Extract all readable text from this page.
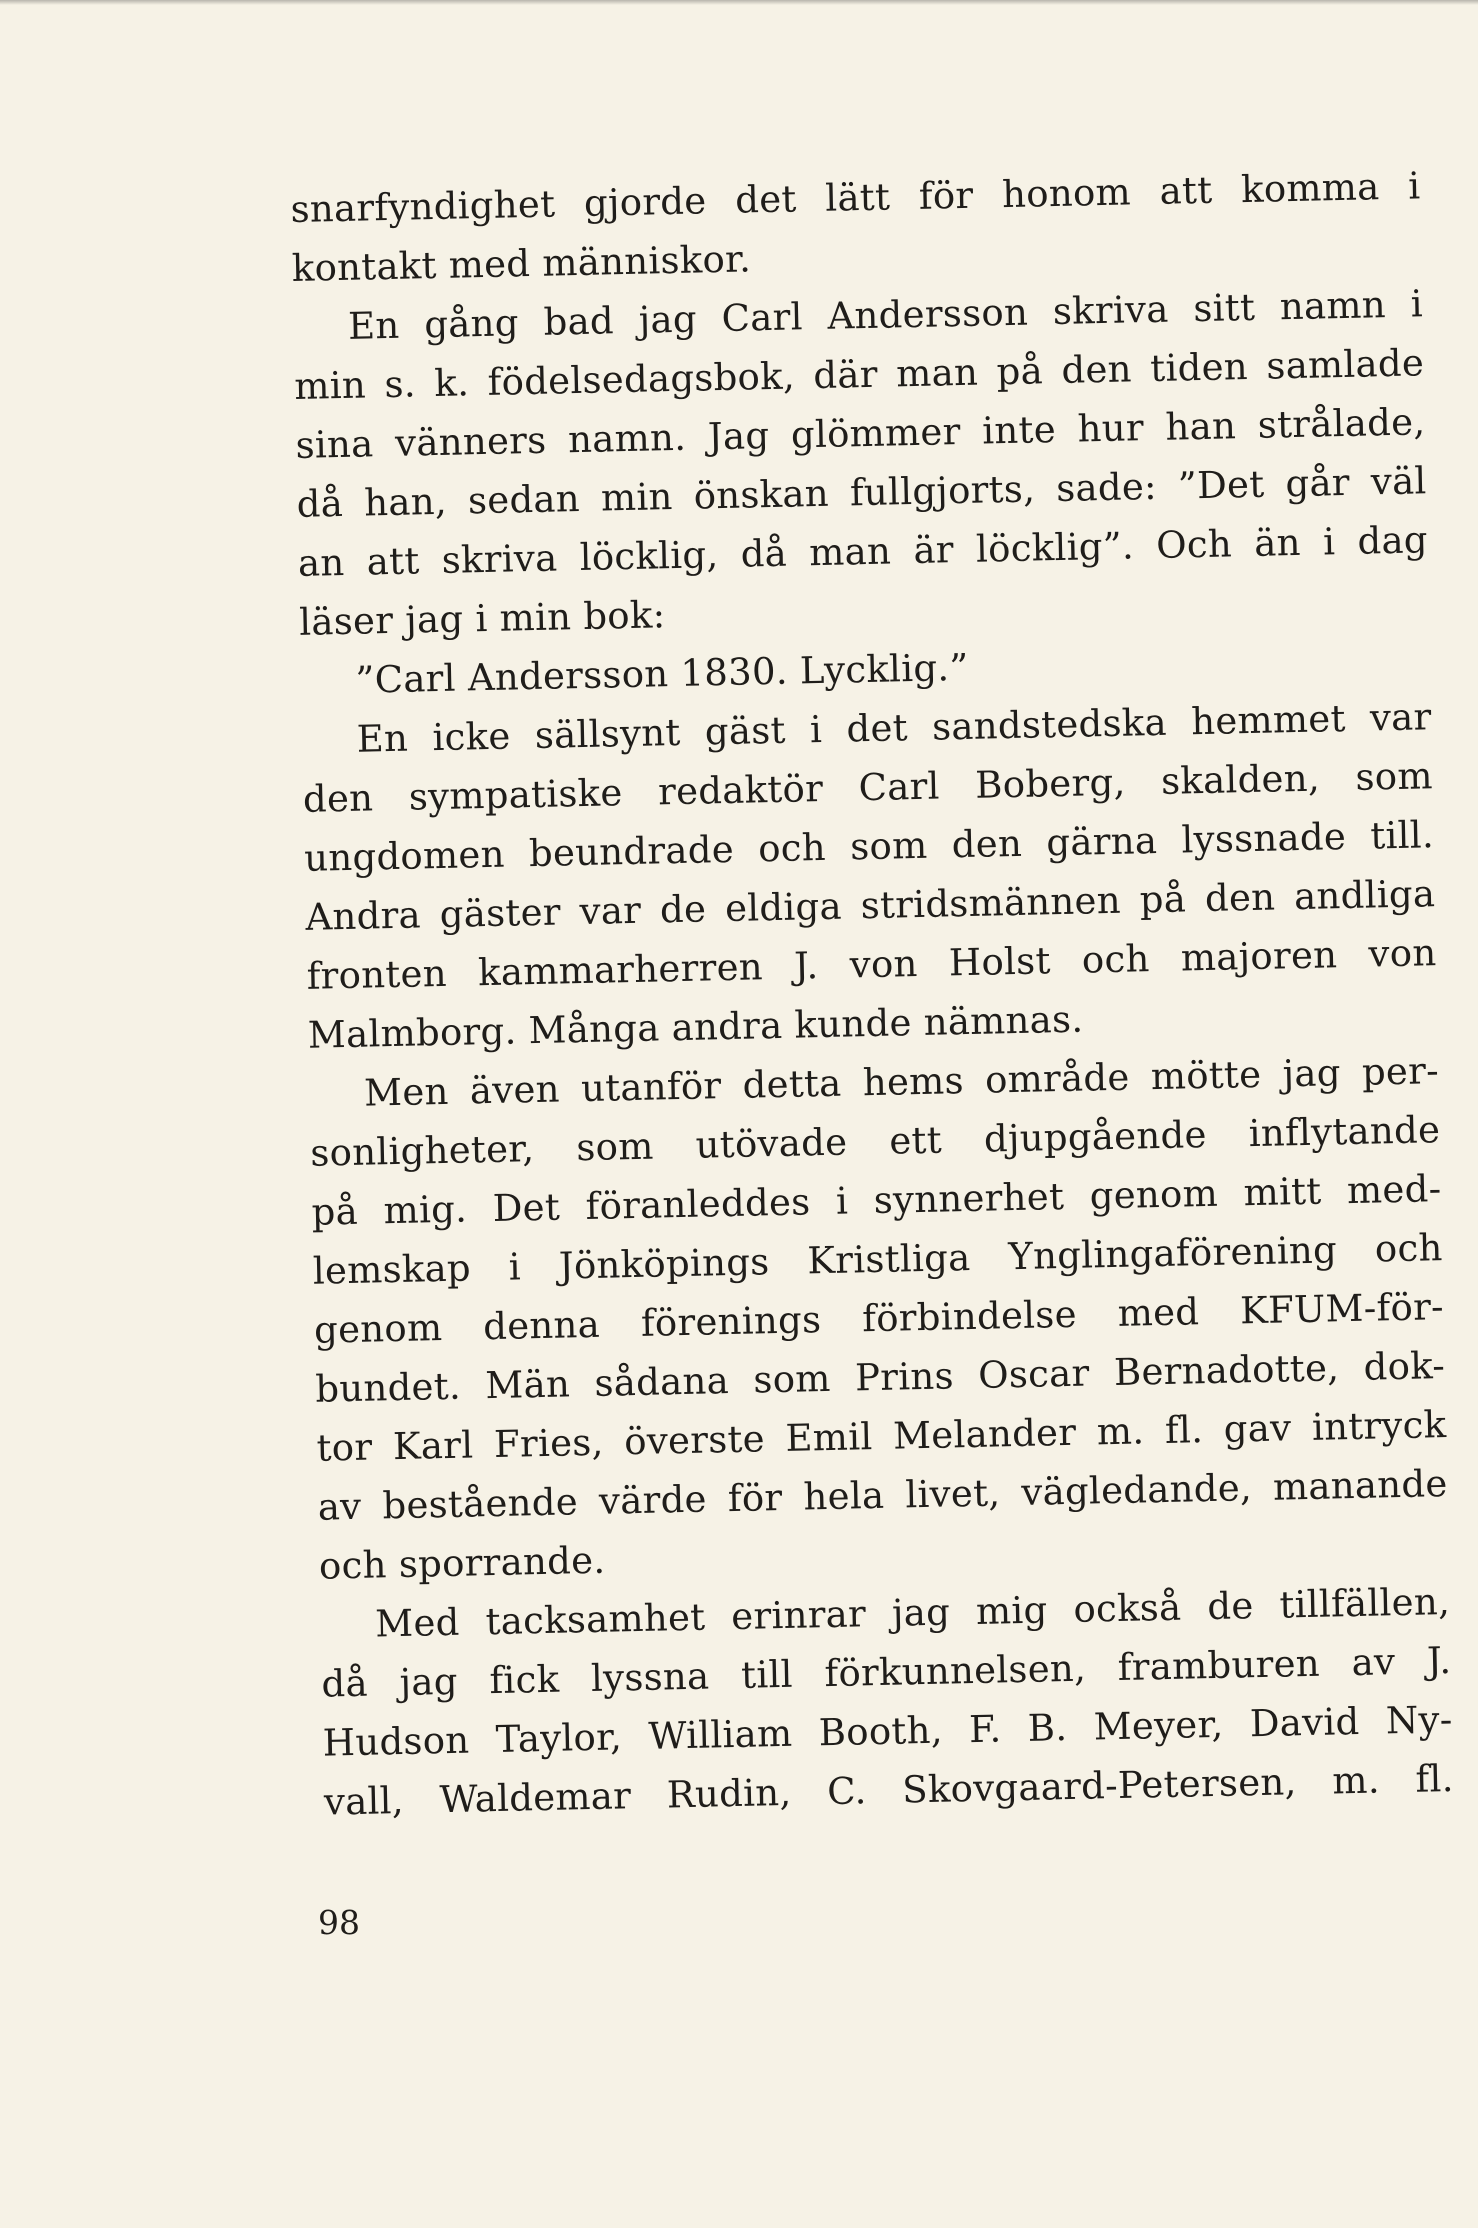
snarfyndighet gjorde det lätt för honom att komma i
kontakt med människor.
En gång bad jag Carl Andersson skriva sitt namn i
min s. k. födelsedagsbok, där man på den tiden samlade
sina vänners namn. Jag glömmer inte hur han strålade,
då han, sedan min önskan fullgjorts, sade: ”Det går väl
an att skriva löcklig, då man är löcklig”. Och än i dag
läser jag i min bok:
”Carl Andersson 1830. Lycklig.”
En icke sällsynt gäst i det sandstedska hemmet var
den sympatiske redaktör Carl Boberg, skalden, som
ungdomen beundrade och som den gärna lyssnade till.
Andra gäster var de eldiga stridsmännen på den andliga
fronten kammarherren J. von Holst och majoren von
Malmborg. Många andra kunde nämnas.
Men även utanför detta hems område mötte jag per-
sonligheter, som utövade ett djupgående inflytande
på mig. Det föranleddes i synnerhet genom mitt med-
lemskap i Jönköpings Kristliga Ynglingaförening och
genom denna förenings förbindelse med KFUM-för-
bundet. Män sådana som Prins Oscar Bernadotte, dok-
tor Karl Fries, överste Emil Melander m. fl. gav intryck
av bestående värde för hela livet, vägledande, manande
och sporrande.
Med tacksamhet erinrar jag mig också de tillfällen,
då jag fick lyssna till förkunnelsen, framburen av J.
Hudson Taylor, William Booth, F. B. Meyer, David Ny-
vall, Waldemar Rudin, C. Skovgaard-Petersen, m. fl.
98
